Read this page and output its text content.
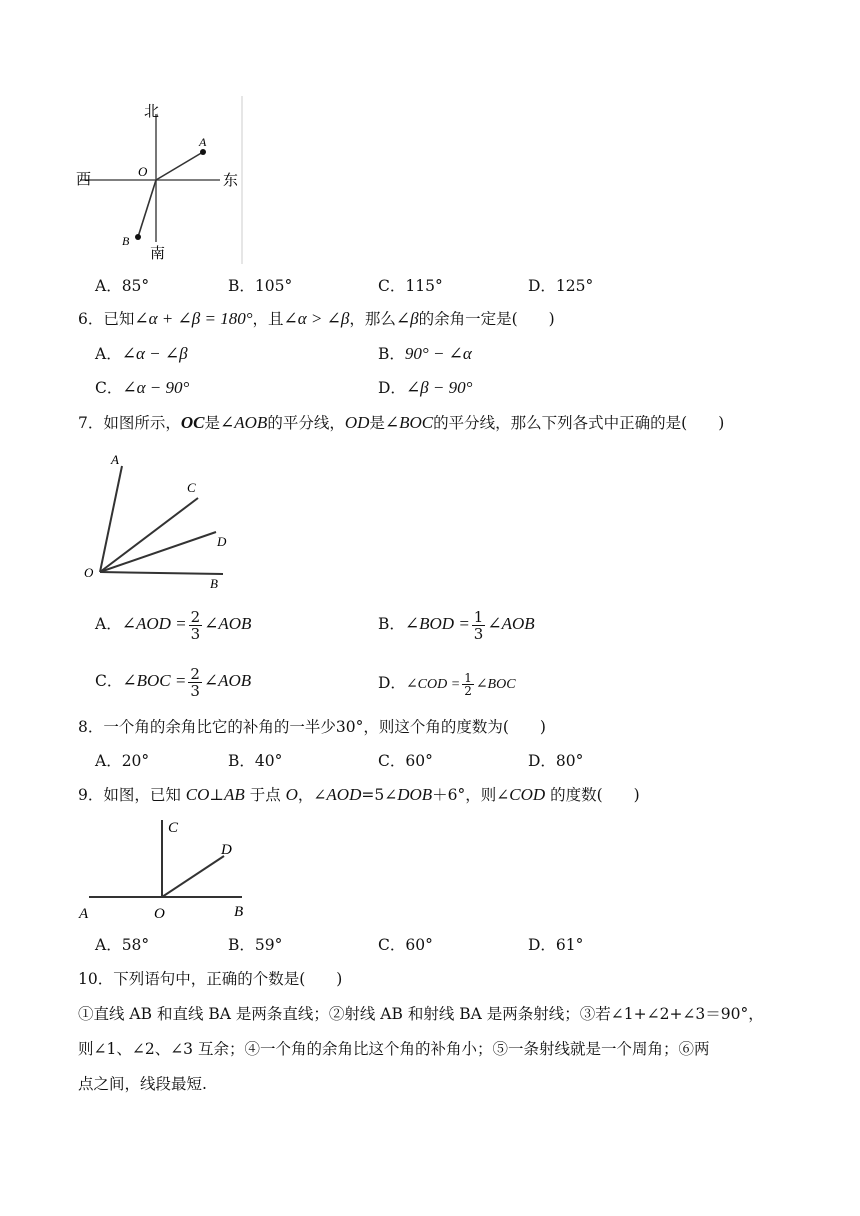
北
南
东
西
O
A
B
A．85°	B．105°	C．115°	D．125°
6．已知∠α + ∠β = 180°，且∠α > ∠β，那么∠β的余角一定是(　　)
A．∠α − ∠β	B．90° − ∠α
C．∠α − 90°	D．∠β − 90°
7．如图所示，OC是∠AOB的平分线，OD是∠BOC的平分线，那么下列各式中正确的是(　　)
A
C
D
O
B
A．∠AOD = $\frac{2}{3}$ ∠AOB	B．∠BOD = $\frac{1}{3}$ ∠AOB
C．∠BOC = $\frac{2}{3}$ ∠AOB	D．∠COD = $\frac{1}{2}$ ∠BOC
8．一个角的余角比它的补角的一半少30°，则这个角的度数为(　　)
A．20°	B．40°	C．60°	D．80°
9．如图，已知 CO⊥AB 于点 O，∠AOD=5∠DOB＋6°，则∠COD 的度数(　　)
C
D
A	O	B
A．58°	B．59°	C．60°	D．61°
10．下列语句中，正确的个数是(　　)
①直线 AB 和直线 BA 是两条直线；②射线 AB 和射线 BA 是两条射线；③若∠1+∠2+∠3＝90°，
则∠1、∠2、∠3 互余；④一个角的余角比这个角的补角小；⑤一条射线就是一个周角；⑥两
点之间，线段最短.
